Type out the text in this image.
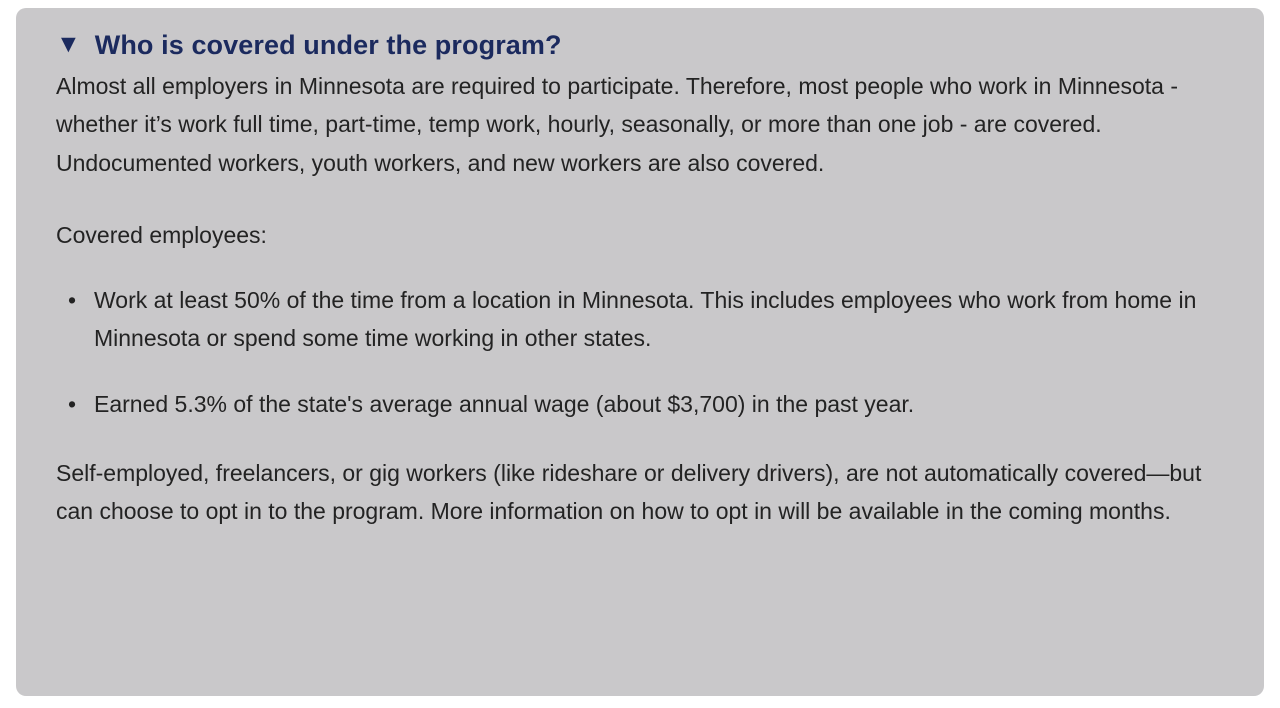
▼ Who is covered under the program?

Almost all employers in Minnesota are required to participate. Therefore, most people who work in Minnesota - whether it’s work full time, part-time, temp work, hourly, seasonally, or more than one job - are covered. Undocumented workers, youth workers, and new workers are also covered.

Covered employees:

• Work at least 50% of the time from a location in Minnesota. This includes employees who work from home in Minnesota or spend some time working in other states.
• Earned 5.3% of the state's average annual wage (about $3,700) in the past year.

Self-employed, freelancers, or gig workers (like rideshare or delivery drivers), are not automatically covered—but can choose to opt in to the program. More information on how to opt in will be available in the coming months.
